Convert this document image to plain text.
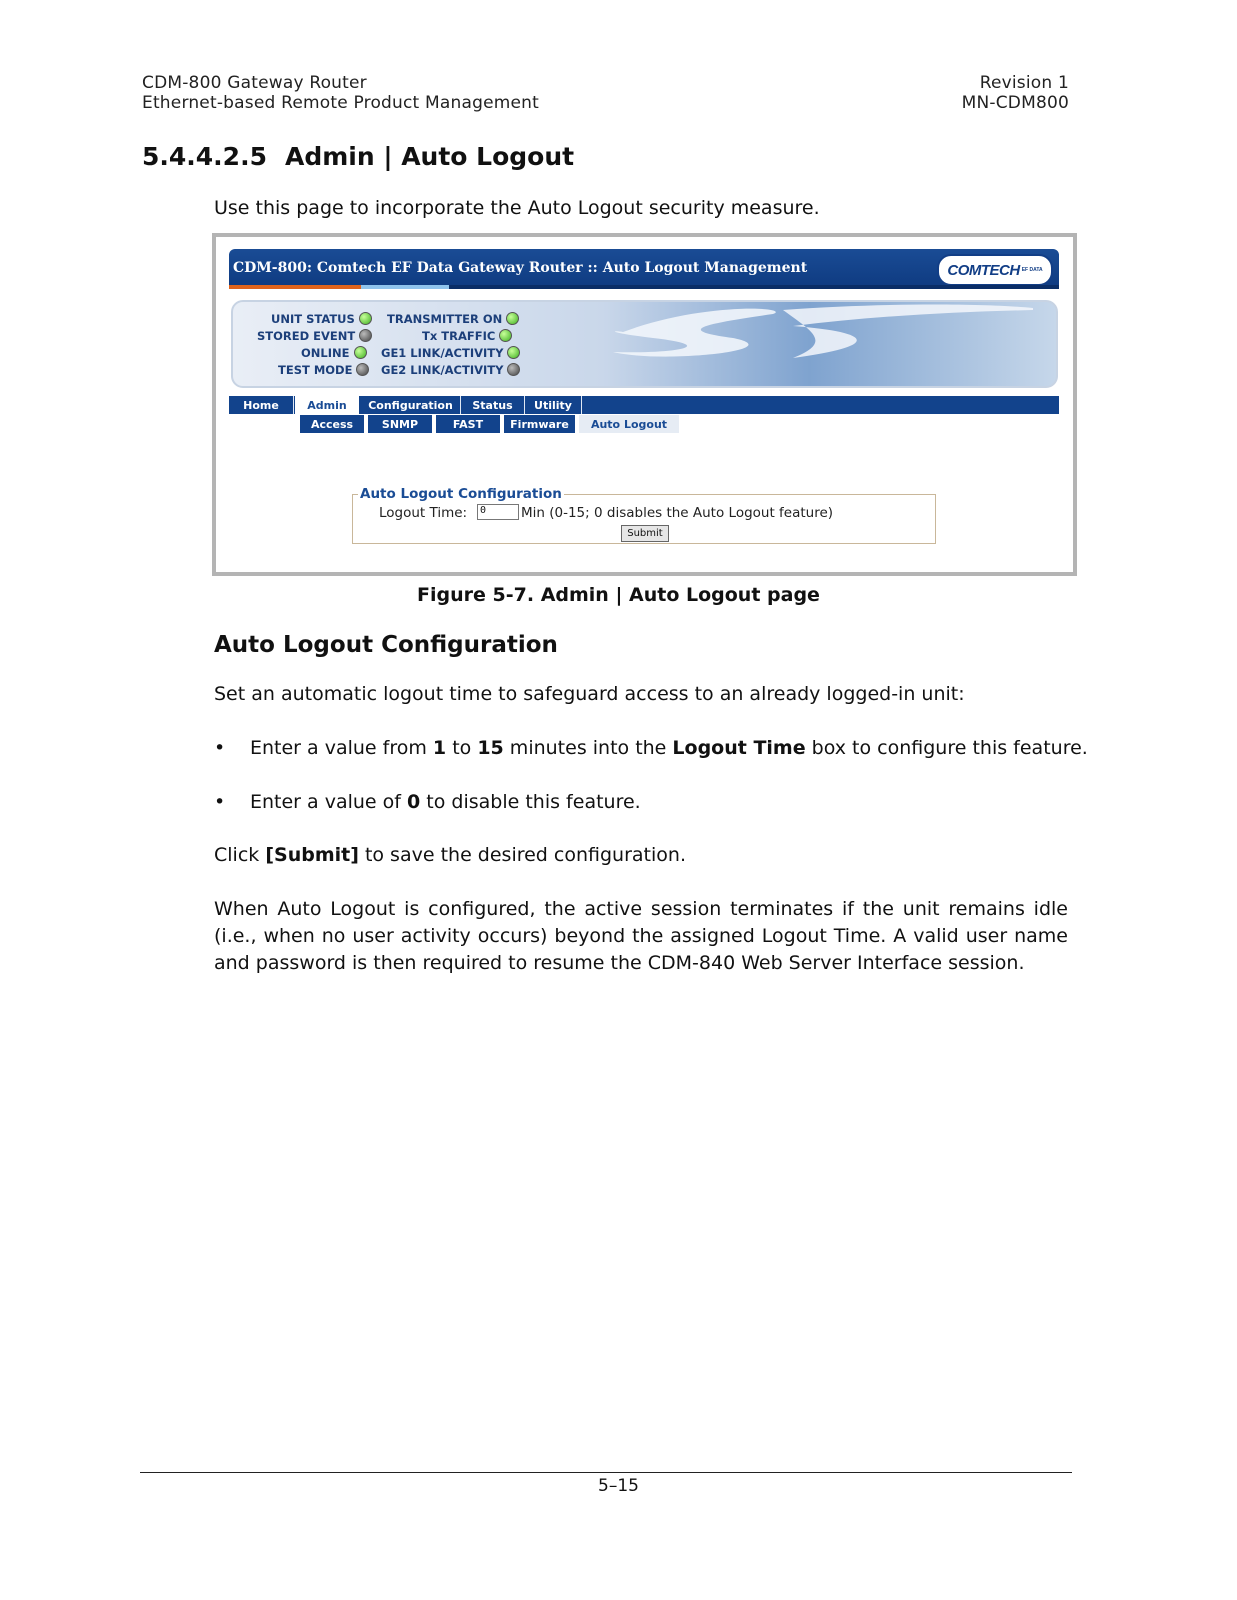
CDM-800 Gateway Router
Ethernet-based Remote Product Management
Revision 1
MN-CDM800
5.4.4.2.5 Admin | Auto Logout
Use this page to incorporate the Auto Logout security measure.
CDM-800: Comtech EF Data Gateway Router :: Auto Logout Management	COMTECH EF DATA
UNIT STATUS
STORED EVENT
ONLINE
TEST MODE
TRANSMITTER ON
Tx TRAFFIC
GE1 LINK/ACTIVITY
GE2 LINK/ACTIVITY
Home	Admin	Configuration	Status	Utility
Access	SNMP	FAST	Firmware	Auto Logout
Auto Logout Configuration
Logout Time:	0	Min (0-15; 0 disables the Auto Logout feature)
Submit
Figure 5-7. Admin | Auto Logout page
Auto Logout Configuration
Set an automatic logout time to safeguard access to an already logged-in unit:
• Enter a value from 1 to 15 minutes into the Logout Time box to configure this feature.
• Enter a value of 0 to disable this feature.
Click [Submit] to save the desired configuration.
When Auto Logout is configured, the active session terminates if the unit remains idle (i.e., when no user activity occurs) beyond the assigned Logout Time. A valid user name and password is then required to resume the CDM-840 Web Server Interface session.
5–15
